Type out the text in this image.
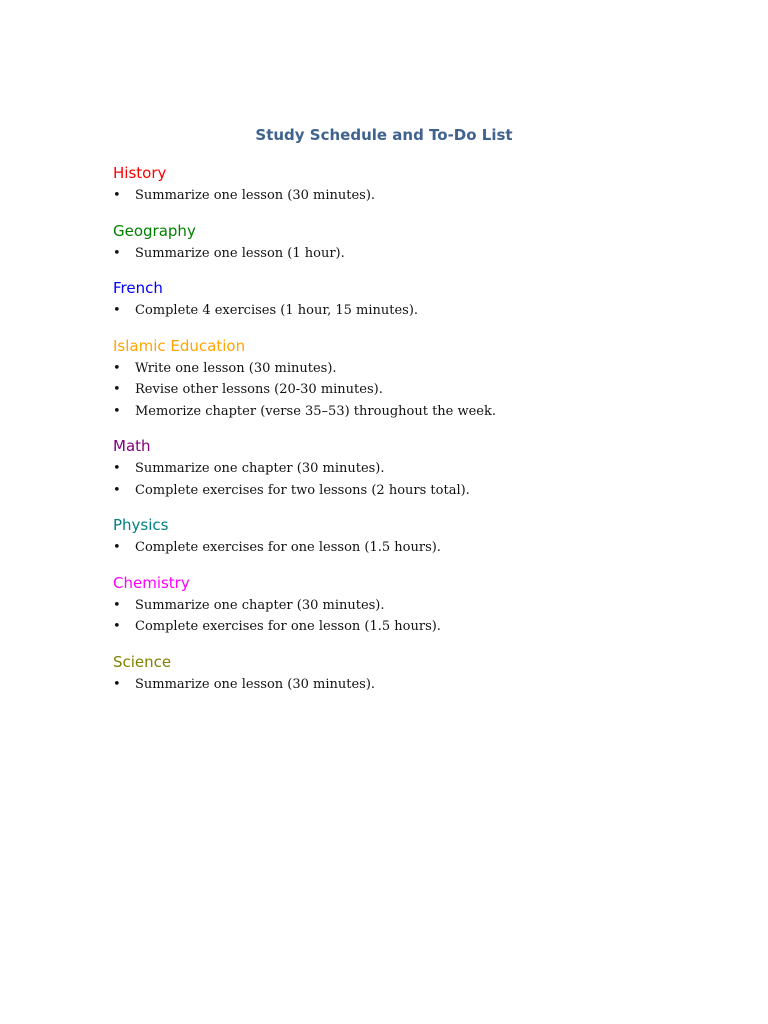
Study Schedule and To-Do List
History
• Summarize one lesson (30 minutes).
Geography
• Summarize one lesson (1 hour).
French
• Complete 4 exercises (1 hour, 15 minutes).
Islamic Education
• Write one lesson (30 minutes).
• Revise other lessons (20-30 minutes).
• Memorize chapter (verse 35–53) throughout the week.
Math
• Summarize one chapter (30 minutes).
• Complete exercises for two lessons (2 hours total).
Physics
• Complete exercises for one lesson (1.5 hours).
Chemistry
• Summarize one chapter (30 minutes).
• Complete exercises for one lesson (1.5 hours).
Science
• Summarize one lesson (30 minutes).
